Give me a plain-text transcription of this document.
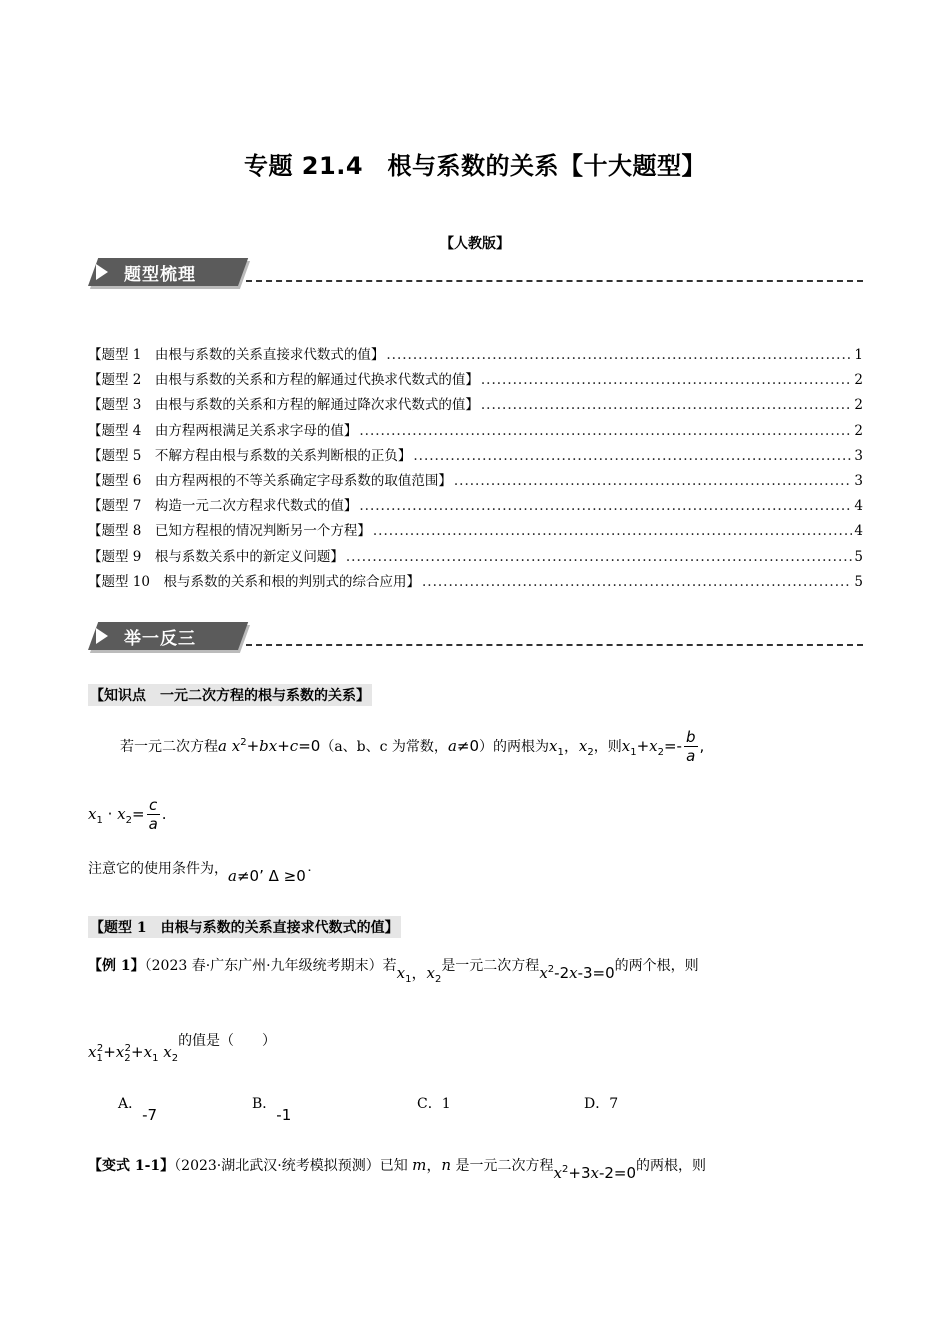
专题 21.4　根与系数的关系【十大题型】
【人教版】
题型梳理
【题型 1　由根与系数的关系直接求代数式的值】 .....	1
【题型 2　由根与系数的关系和方程的解通过代换求代数式的值】 .....	2
【题型 3　由根与系数的关系和方程的解通过降次求代数式的值】 .....	2
【题型 4　由方程两根满足关系求字母的值】 .....	2
【题型 5　不解方程由根与系数的关系判断根的正负】 .....	3
【题型 6　由方程两根的不等关系确定字母系数的取值范围】 .....	3
【题型 7　构造一元二次方程求代数式的值】 .....	4
【题型 8　已知方程根的情况判断另一个方程】 .....	4
【题型 9　根与系数关系中的新定义问题】 .....	5
【题型 10　根与系数的关系和根的判别式的综合应用】 .....	5
举一反三
【知识点　一元二次方程的根与系数的关系】
若一元二次方程a $x^2+bx+c=0(a$、b、c 为常数，a≠0）的两根为$x_1$，$x_2$，则$x_1+x_2=- \frac{b}{a}$ ,
$x_1 \cdot x_2= \frac{c}{a}$ .
注意它的使用条件为，a≠0’ Δ ≥0˙
【题型 1　由根与系数的关系直接求代数式的值】
【例 1】（2023 春·广东广州·九年级统考期末）若$x_1$，$x_2$是一元二次方程$x^2-2x-3=0$的两个根，则
$x_1^2+x_2^2+x_1$ $x_2$的值是（　　）
A．-7
B．-1
C．1	D．7
【变式 1-1】（2023·湖北武汉·统考模拟预测）已知 m，n 是一元二次方程$x^2+3x-2=0$的两根，则
